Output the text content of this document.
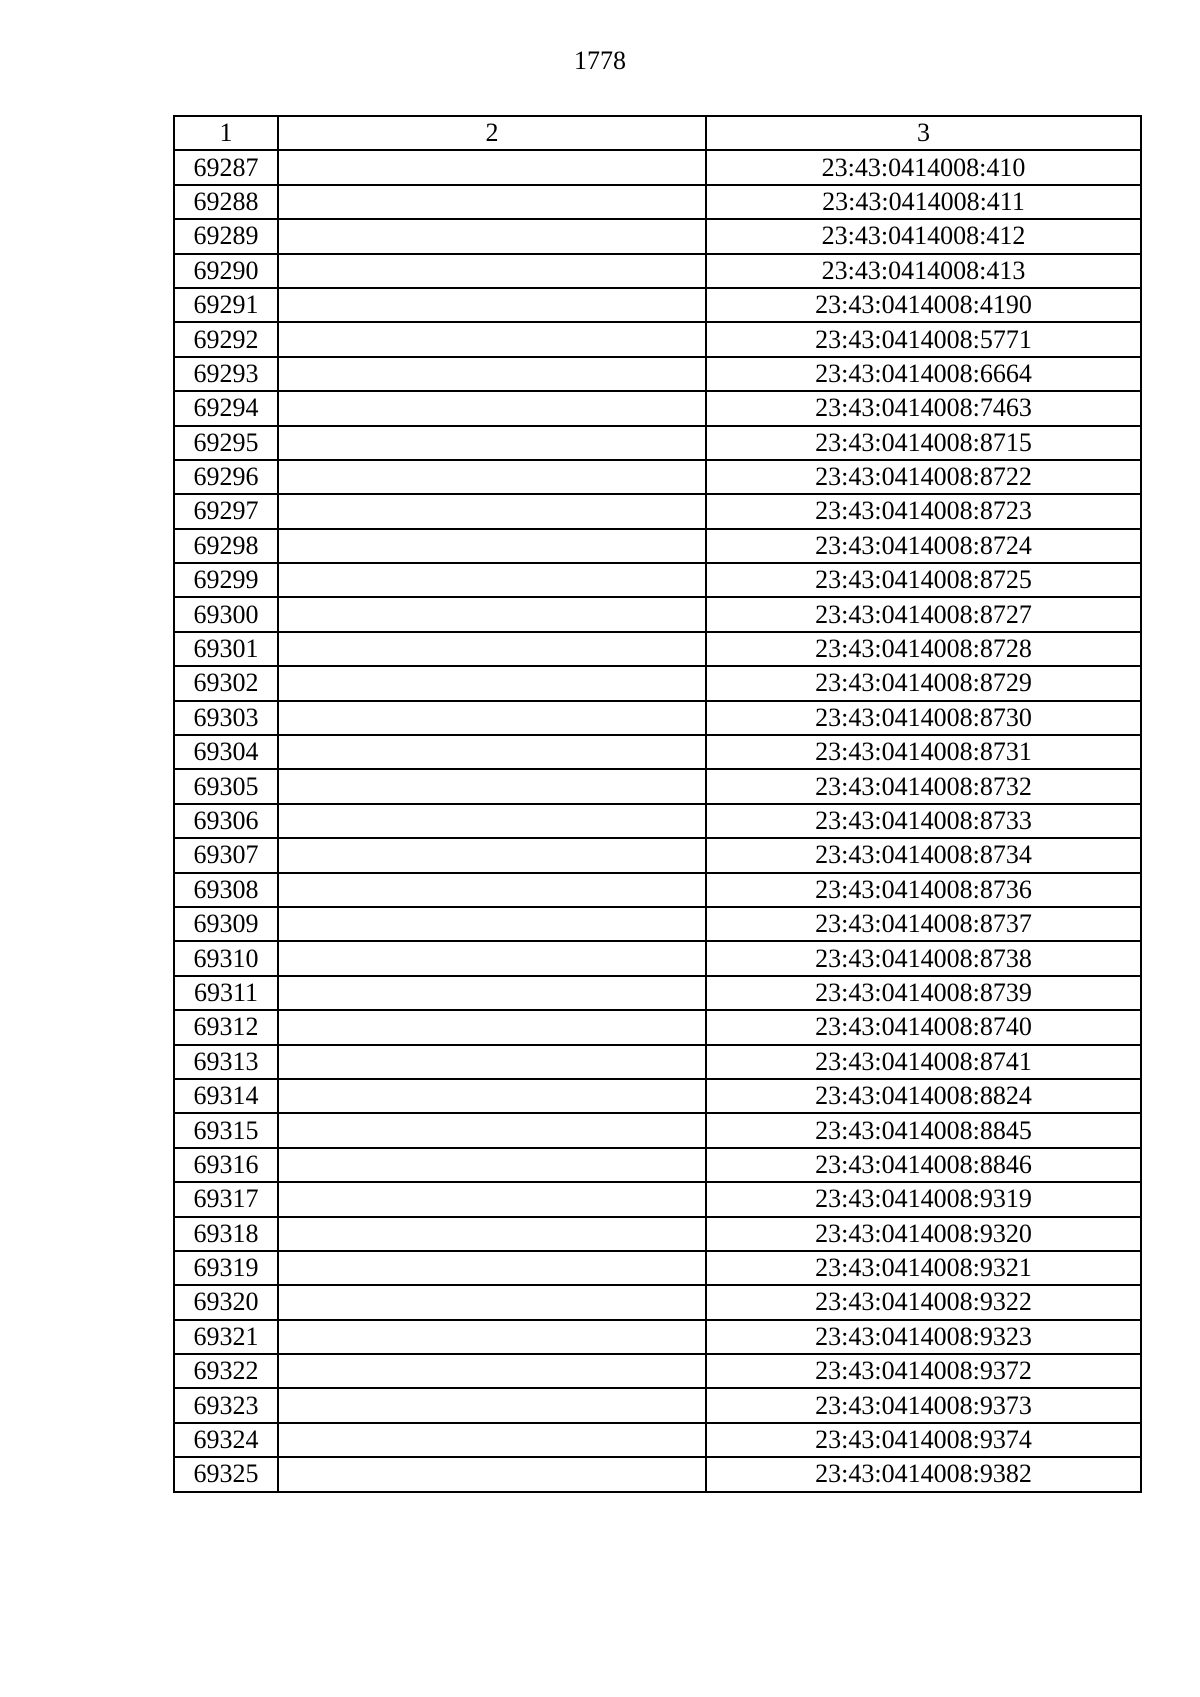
1778
1	2	3
69287		23:43:0414008:410
69288		23:43:0414008:411
69289		23:43:0414008:412
69290		23:43:0414008:413
69291		23:43:0414008:4190
69292		23:43:0414008:5771
69293		23:43:0414008:6664
69294		23:43:0414008:7463
69295		23:43:0414008:8715
69296		23:43:0414008:8722
69297		23:43:0414008:8723
69298		23:43:0414008:8724
69299		23:43:0414008:8725
69300		23:43:0414008:8727
69301		23:43:0414008:8728
69302		23:43:0414008:8729
69303		23:43:0414008:8730
69304		23:43:0414008:8731
69305		23:43:0414008:8732
69306		23:43:0414008:8733
69307		23:43:0414008:8734
69308		23:43:0414008:8736
69309		23:43:0414008:8737
69310		23:43:0414008:8738
69311		23:43:0414008:8739
69312		23:43:0414008:8740
69313		23:43:0414008:8741
69314		23:43:0414008:8824
69315		23:43:0414008:8845
69316		23:43:0414008:8846
69317		23:43:0414008:9319
69318		23:43:0414008:9320
69319		23:43:0414008:9321
69320		23:43:0414008:9322
69321		23:43:0414008:9323
69322		23:43:0414008:9372
69323		23:43:0414008:9373
69324		23:43:0414008:9374
69325		23:43:0414008:9382
